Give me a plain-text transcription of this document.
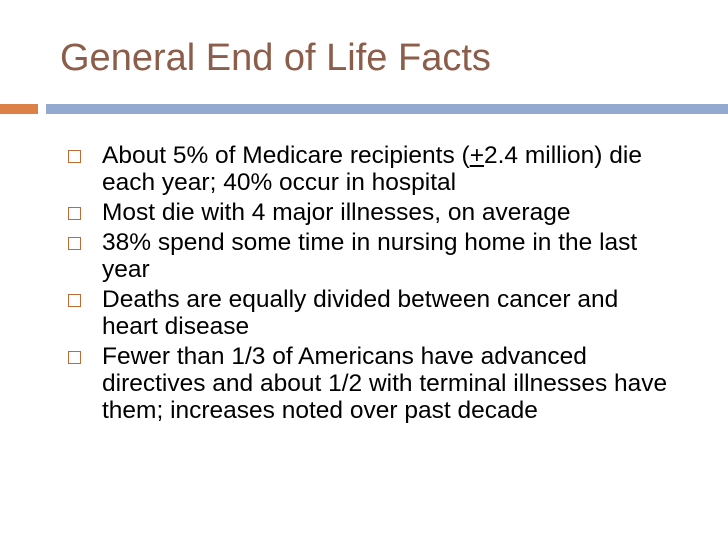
General End of Life Facts
About 5% of Medicare recipients (+2.4 million) die each year; 40% occur in hospital
Most die with 4 major illnesses, on average
38% spend some time in nursing home in the last year
Deaths are equally divided between cancer and heart disease
Fewer than 1/3 of Americans have advanced directives and about 1/2 with terminal illnesses have them; increases noted over past decade
